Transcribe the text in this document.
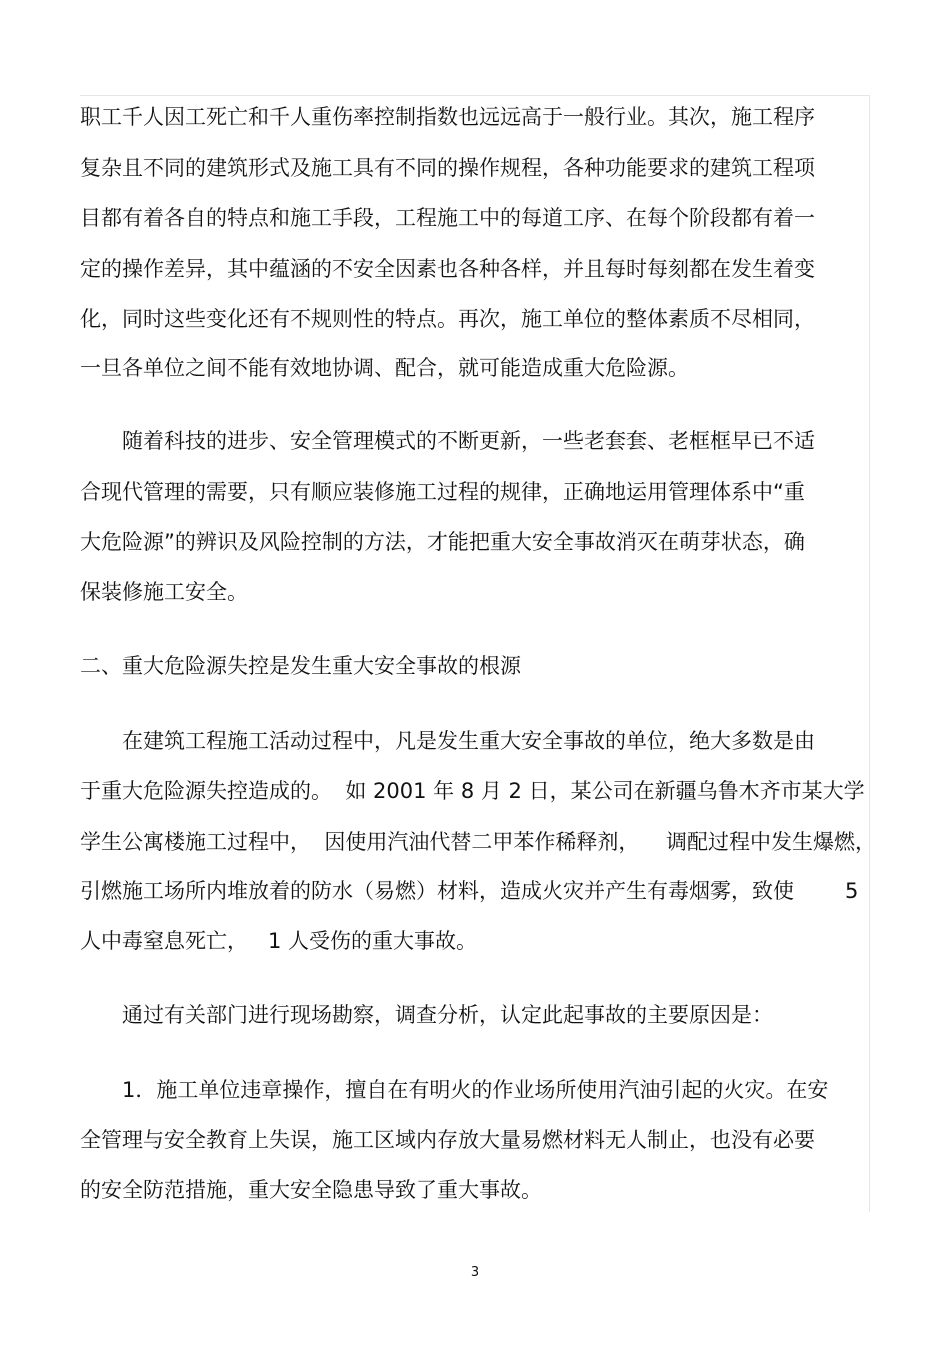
职工千人因工死亡和千人重伤率控制指数也远远高于一般行业。其次，施工程序
复杂且不同的建筑形式及施工具有不同的操作规程，各种功能要求的建筑工程项
目都有着各自的特点和施工手段，工程施工中的每道工序、在每个阶段都有着一
定的操作差异，其中蕴涵的不安全因素也各种各样，并且每时每刻都在发生着变
化，同时这些变化还有不规则性的特点。再次，施工单位的整体素质不尽相同，
一旦各单位之间不能有效地协调、配合，就可能造成重大危险源。
随着科技的进步、安全管理模式的不断更新，一些老套套、老框框早已不适
合现代管理的需要，只有顺应装修施工过程的规律，正确地运用管理体系中“重
大危险源”的辨识及风险控制的方法，才能把重大安全事故消灭在萌芽状态，确
保装修施工安全。
二、重大危险源失控是发生重大安全事故的根源
在建筑工程施工活动过程中，凡是发生重大安全事故的单位，绝大多数是由
于重大危险源失控造成的。  如 2001 年 8 月 2 日，某公司在新疆乌鲁木齐市某大学
学生公寓楼施工过程中，  因使用汽油代替二甲苯作稀释剂，    调配过程中发生爆燃，
引燃施工场所内堆放着的防水（易燃）材料，造成火灾并产生有毒烟雾，致使 5
人中毒窒息死亡，   1 人受伤的重大事故。
通过有关部门进行现场勘察，调查分析，认定此起事故的主要原因是：
1．施工单位违章操作，擅自在有明火的作业场所使用汽油引起的火灾。在安
全管理与安全教育上失误，施工区域内存放大量易燃材料无人制止，也没有必要
的安全防范措施，重大安全隐患导致了重大事故。
3
